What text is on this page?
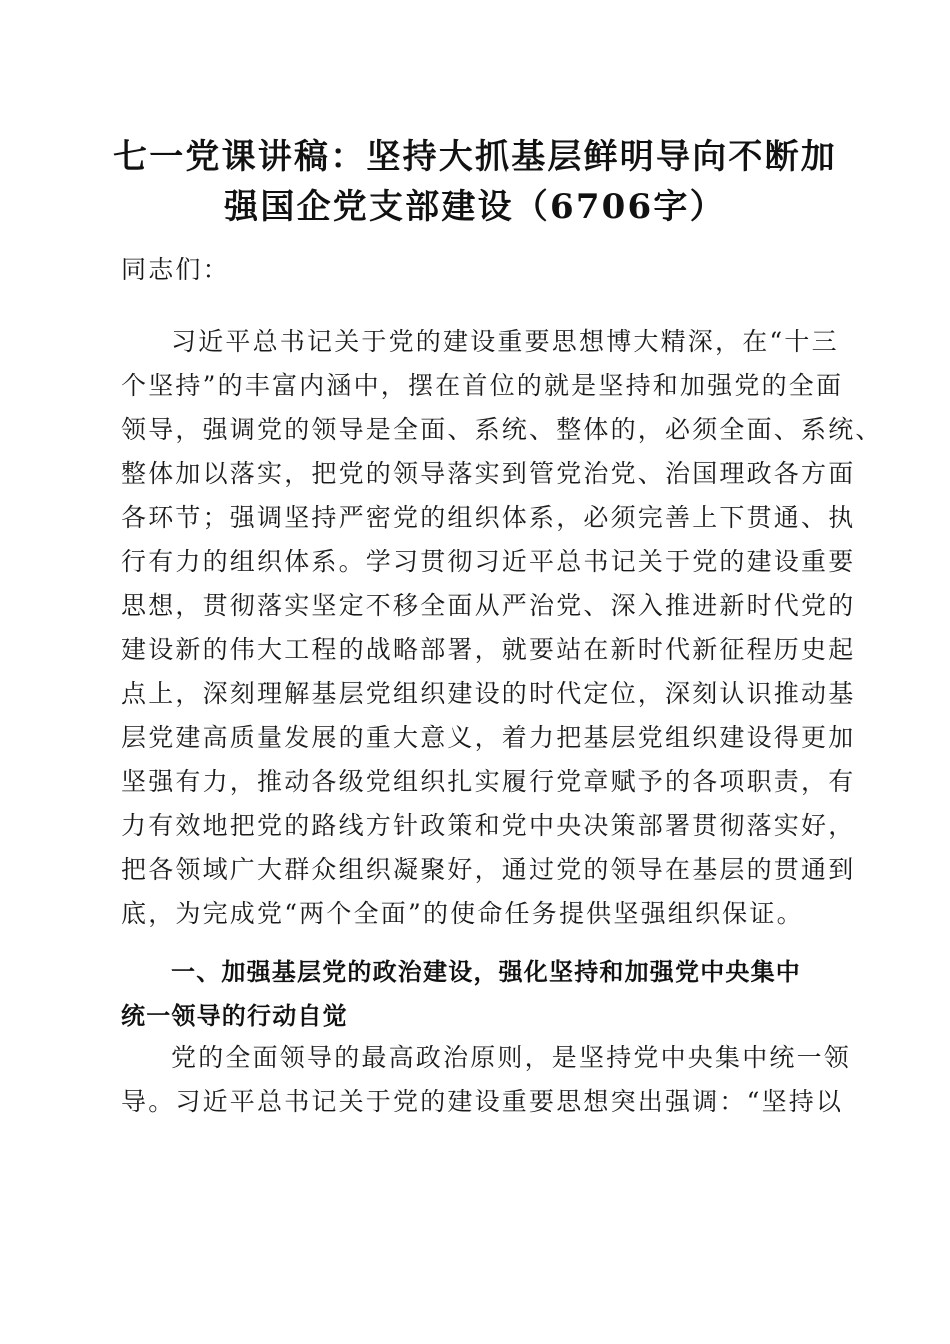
七一党课讲稿：坚持大抓基层鲜明导向不断加
强国企党支部建设（6706字）
同志们：
习近平总书记关于党的建设重要思想博大精深，在“十三
个坚持”的丰富内涵中，摆在首位的就是坚持和加强党的全面
领导，强调党的领导是全面、系统、整体的，必须全面、系统、
整体加以落实，把党的领导落实到管党治党、治国理政各方面
各环节；强调坚持严密党的组织体系，必须完善上下贯通、执
行有力的组织体系。学习贯彻习近平总书记关于党的建设重要
思想，贯彻落实坚定不移全面从严治党、深入推进新时代党的
建设新的伟大工程的战略部署，就要站在新时代新征程历史起
点上，深刻理解基层党组织建设的时代定位，深刻认识推动基
层党建高质量发展的重大意义，着力把基层党组织建设得更加
坚强有力，推动各级党组织扎实履行党章赋予的各项职责，有
力有效地把党的路线方针政策和党中央决策部署贯彻落实好，
把各领域广大群众组织凝聚好，通过党的领导在基层的贯通到
底，为完成党“两个全面”的使命任务提供坚强组织保证。
一、加强基层党的政治建设，强化坚持和加强党中央集中
统一领导的行动自觉
党的全面领导的最高政治原则，是坚持党中央集中统一领
导。习近平总书记关于党的建设重要思想突出强调：“坚持以
